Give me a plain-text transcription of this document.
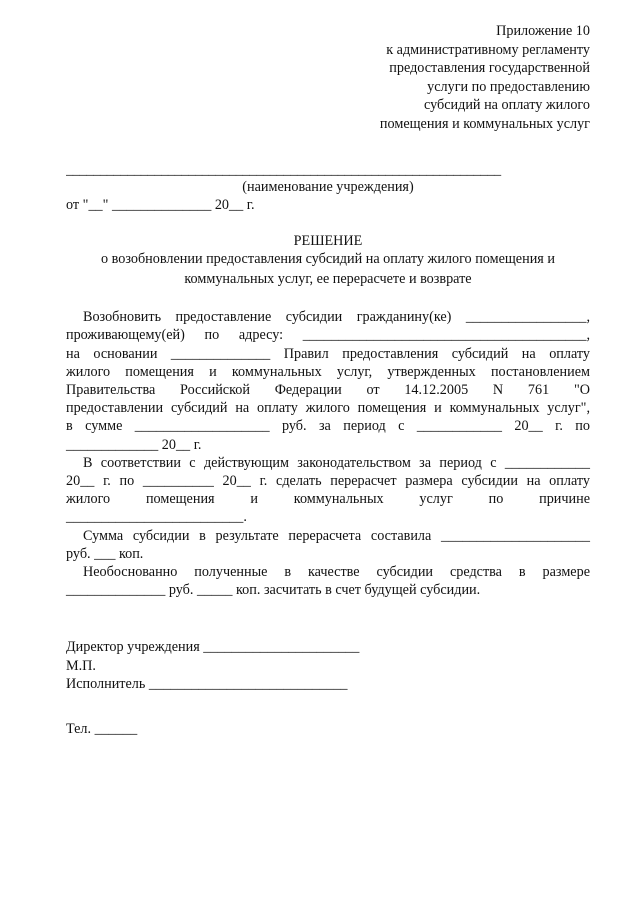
Приложение 10
к административному регламенту
предоставления государственной
услуги по предоставлению
субсидий на оплату жилого
помещения и коммунальных услуг
________________________________________________________________
(наименование учреждения)
от "__" ______________ 20__ г.
РЕШЕНИЕ
о возобновлении предоставления субсидий на оплату жилого помещения и
коммунальных услуг, ее перерасчете и возврате
Возобновить предоставление субсидии гражданину(ке) _________________,
проживающему(ей) по адресу: ________________________________________,
на основании ______________ Правил предоставления субсидий на оплату
жилого помещения и коммунальных услуг, утвержденных постановлением
Правительства Российской Федерации от 14.12.2005 N 761 "О
предоставлении субсидий на оплату жилого помещения и коммунальных услуг",
в сумме ___________________ руб. за период с ____________ 20__ г. по
_____________ 20__ г.
В соответствии с действующим законодательством за период с ____________
20__ г. по __________ 20__ г. сделать перерасчет размера субсидии на оплату
жилого помещения и коммунальных услуг по причине
_________________________.
Сумма субсидии в результате перерасчета составила _____________________
руб. ___ коп.
Необоснованно полученные в качестве субсидии средства в размере
______________ руб. _____ коп. засчитать в счет будущей субсидии.
Директор учреждения ______________________
М.П.
Исполнитель ____________________________
Тел. ______
